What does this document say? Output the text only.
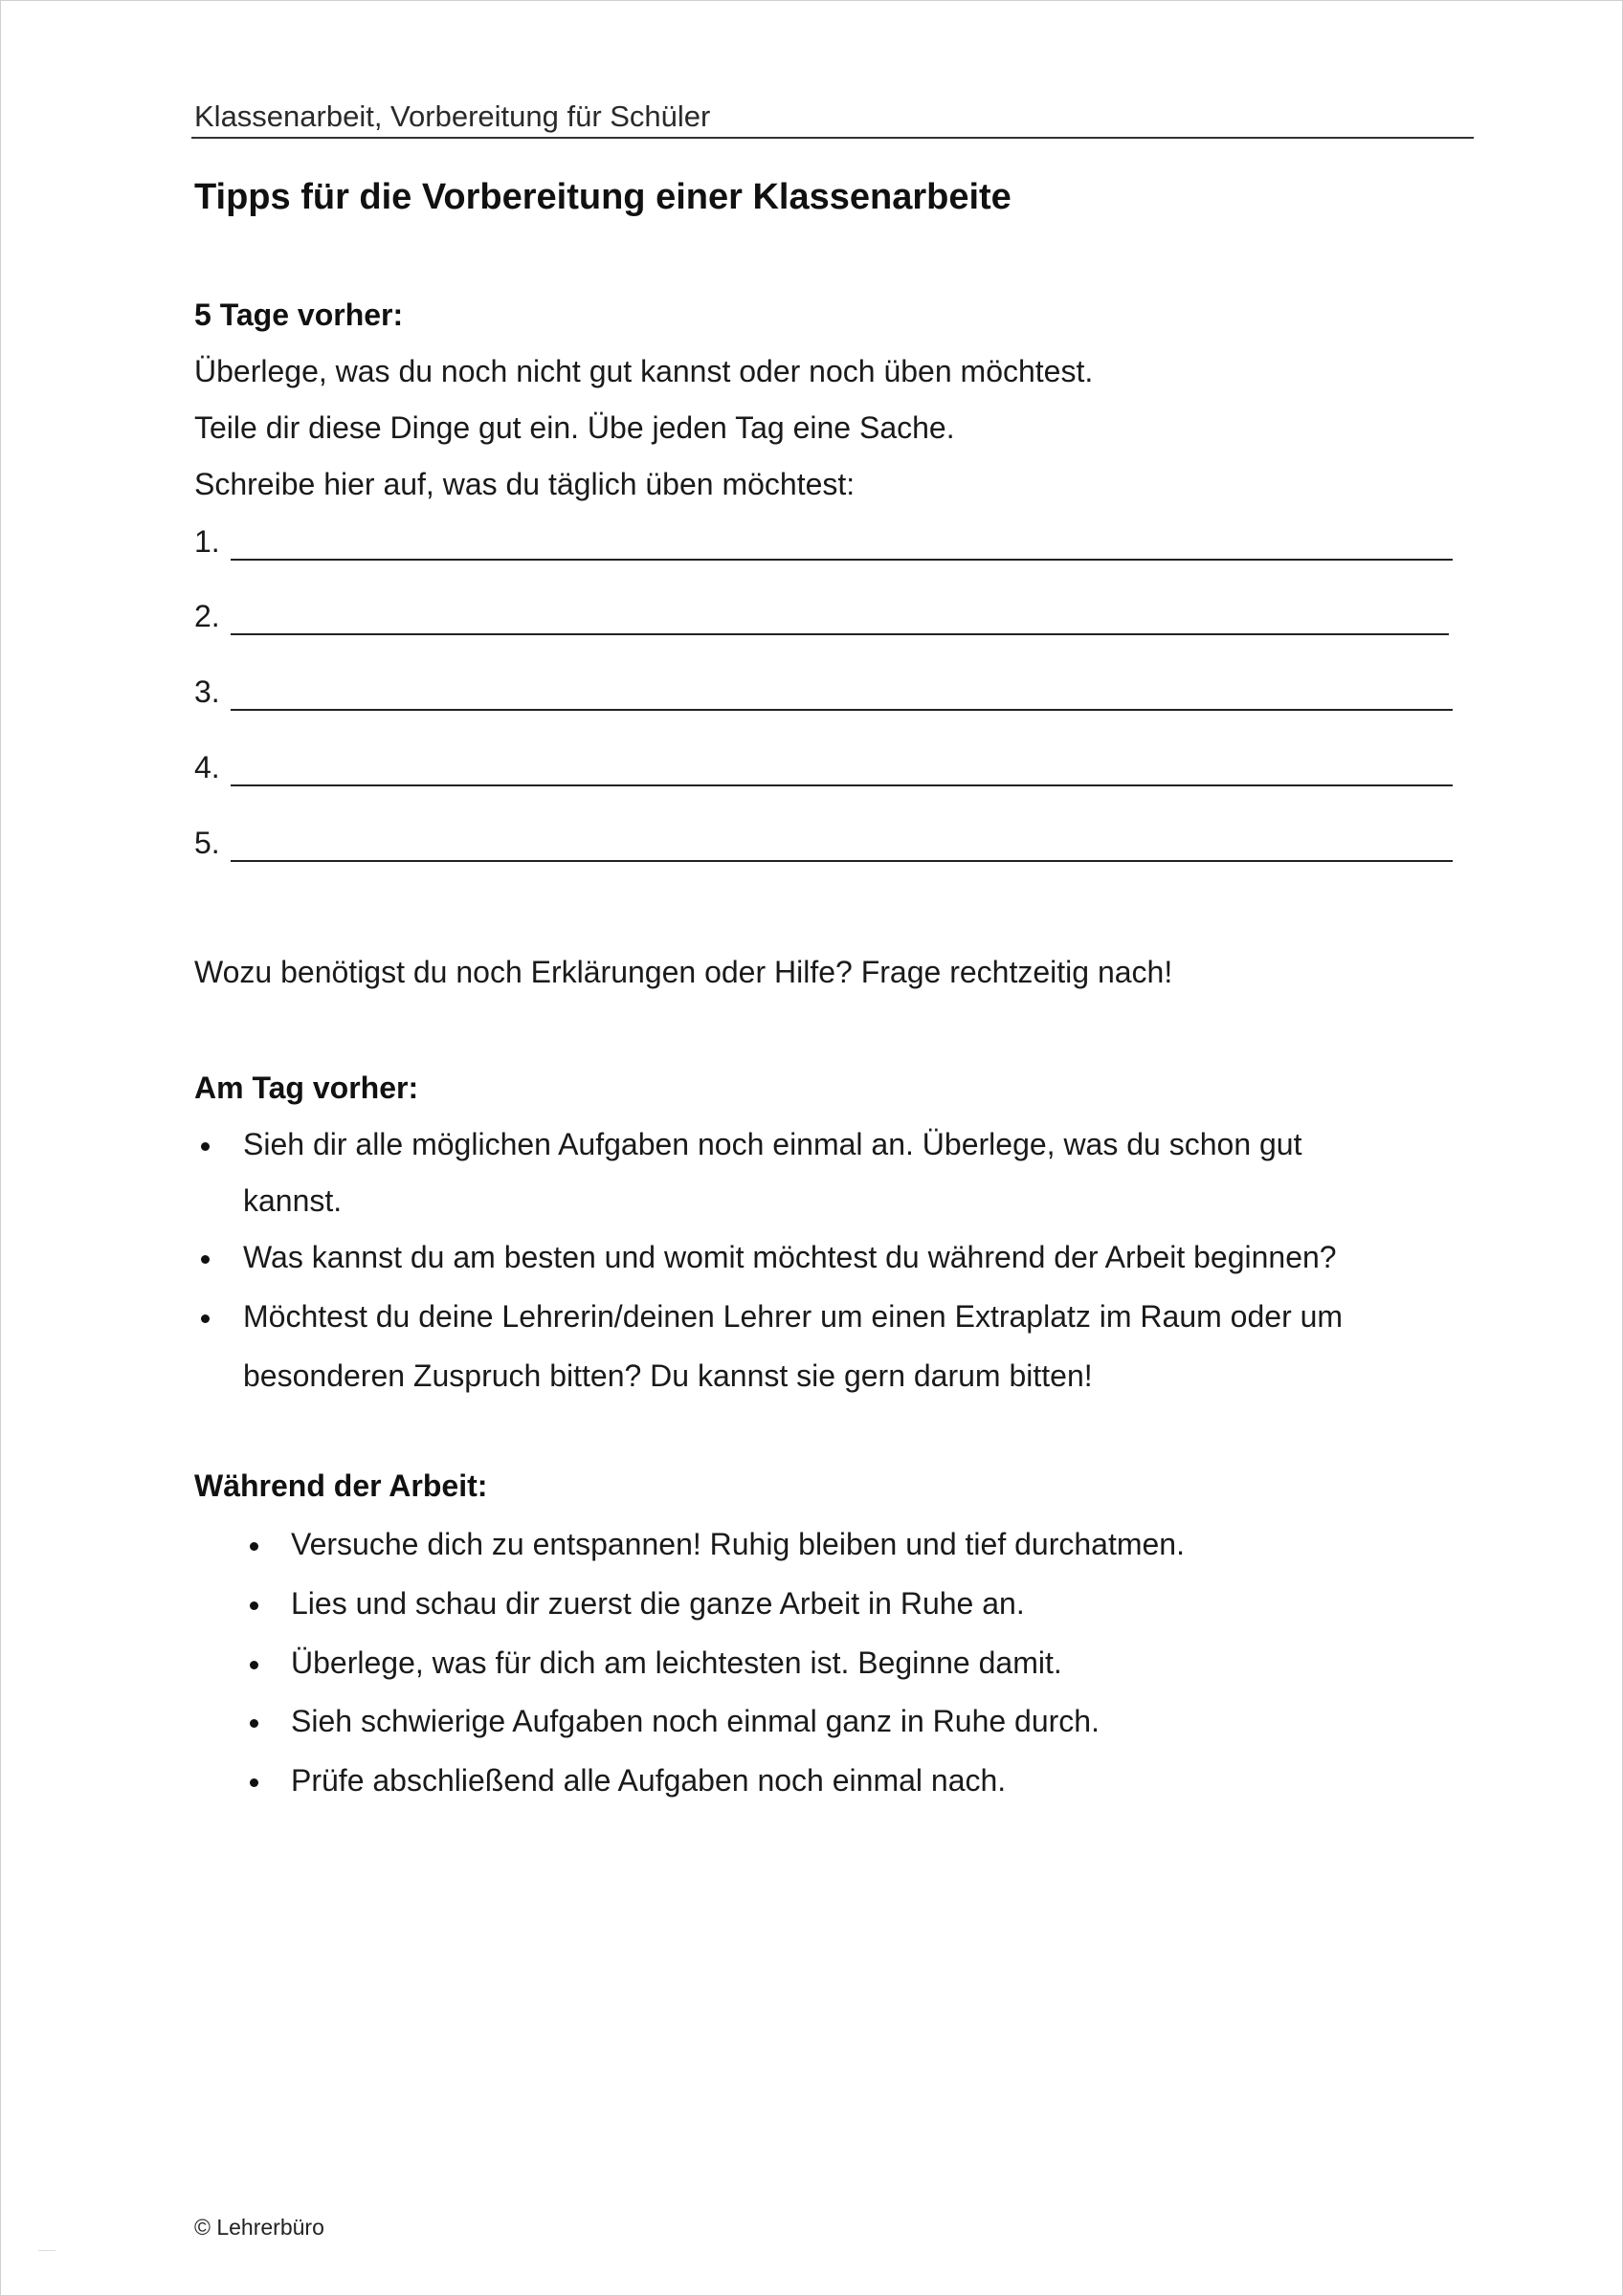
Klassenarbeit, Vorbereitung für Schüler
Tipps für die Vorbereitung einer Klassenarbeite
5 Tage vorher:
Überlege, was du noch nicht gut kannst oder noch üben möchtest.
Teile dir diese Dinge gut ein. Übe jeden Tag eine Sache.
Schreibe hier auf, was du täglich üben möchtest:
1.
2.
3.
4.
5.
Wozu benötigst du noch Erklärungen oder Hilfe? Frage rechtzeitig nach!
Am Tag vorher:
Sieh dir alle möglichen Aufgaben noch einmal an. Überlege, was du schon gut
kannst.
Was kannst du am besten und womit möchtest du während der Arbeit beginnen?
Möchtest du deine Lehrerin/deinen Lehrer um einen Extraplatz im Raum oder um
besonderen Zuspruch bitten? Du kannst sie gern darum bitten!
Während der Arbeit:
Versuche dich zu entspannen! Ruhig bleiben und tief durchatmen.
Lies und schau dir zuerst die ganze Arbeit in Ruhe an.
Überlege, was für dich am leichtesten ist. Beginne damit.
Sieh schwierige Aufgaben noch einmal ganz in Ruhe durch.
Prüfe abschließend alle Aufgaben noch einmal nach.
© Lehrerbüro
